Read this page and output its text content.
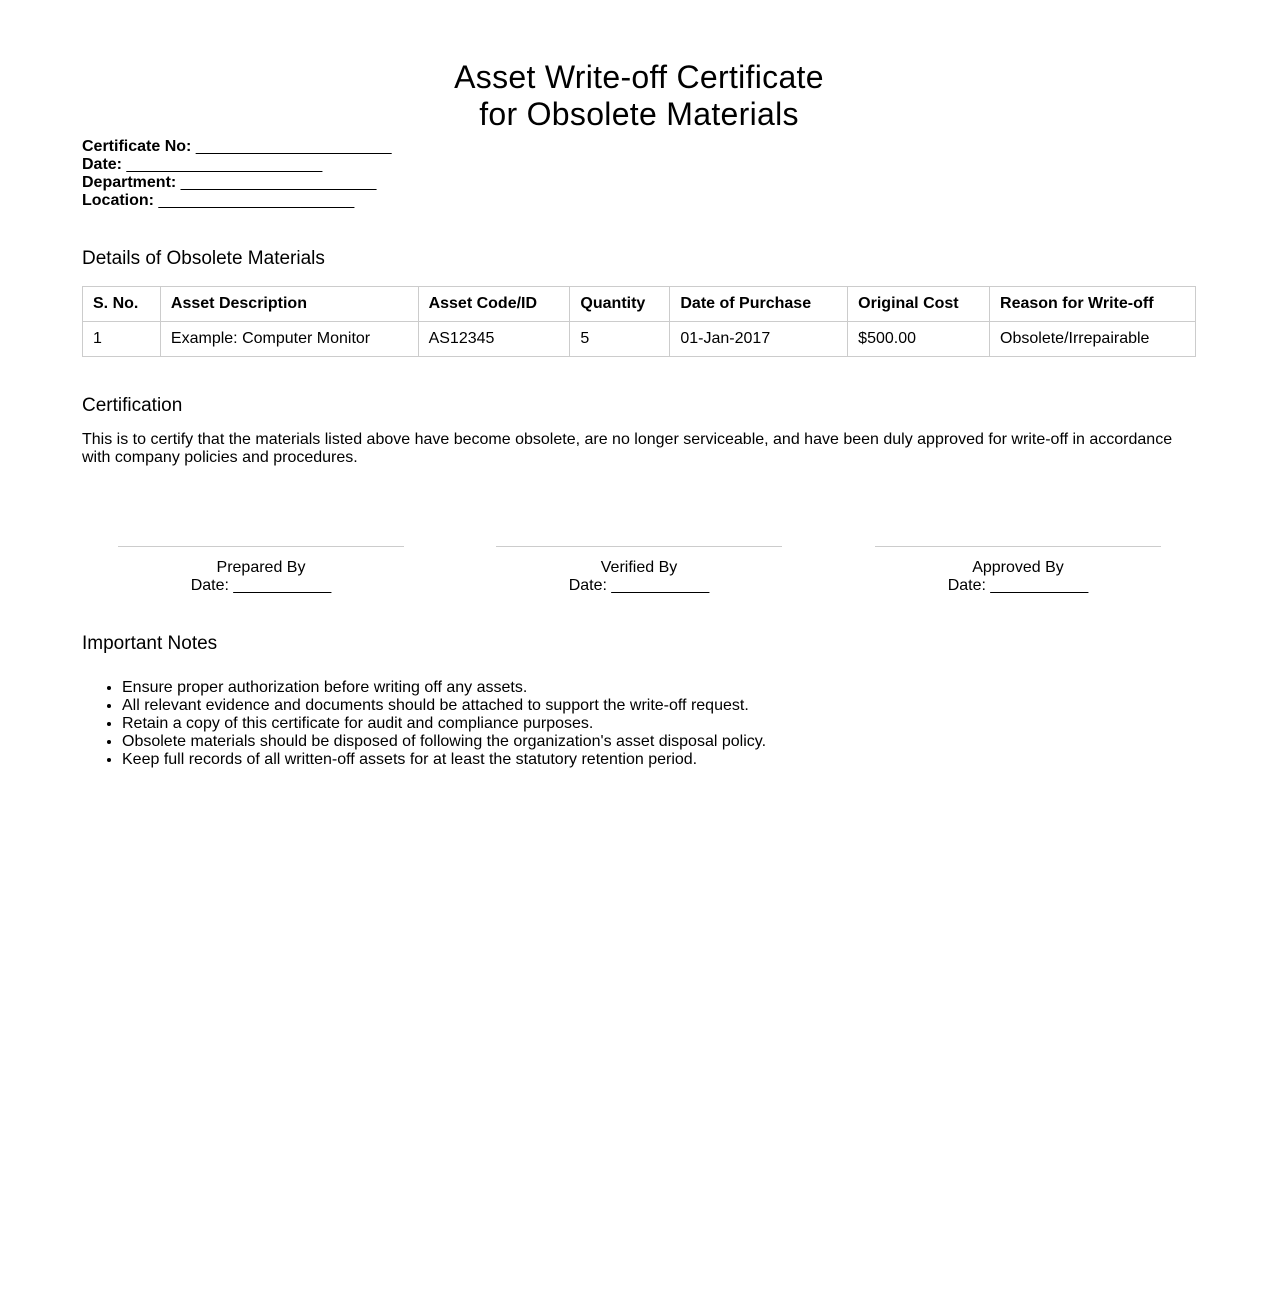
Asset Write-off Certificate
for Obsolete Materials
Certificate No: ______________________
Date: ______________________
Department: ______________________
Location: ______________________
Details of Obsolete Materials
S. No.	Asset Description	Asset Code/ID	Quantity	Date of Purchase	Original Cost	Reason for Write-off
1	Example: Computer Monitor	AS12345	5	01-Jan-2017	$500.00	Obsolete/Irrepairable
Certification

This is to certify that the materials listed above have become obsolete, are no longer serviceable, and have been duly approved for write-off in accordance with company policies and procedures.

Prepared By
Date: ___________
Verified By
Date: ___________
Approved By
Date: ___________
Important Notes
• Ensure proper authorization before writing off any assets.
• All relevant evidence and documents should be attached to support the write-off request.
• Retain a copy of this certificate for audit and compliance purposes.
• Obsolete materials should be disposed of following the organization's asset disposal policy.
• Keep full records of all written-off assets for at least the statutory retention period.
